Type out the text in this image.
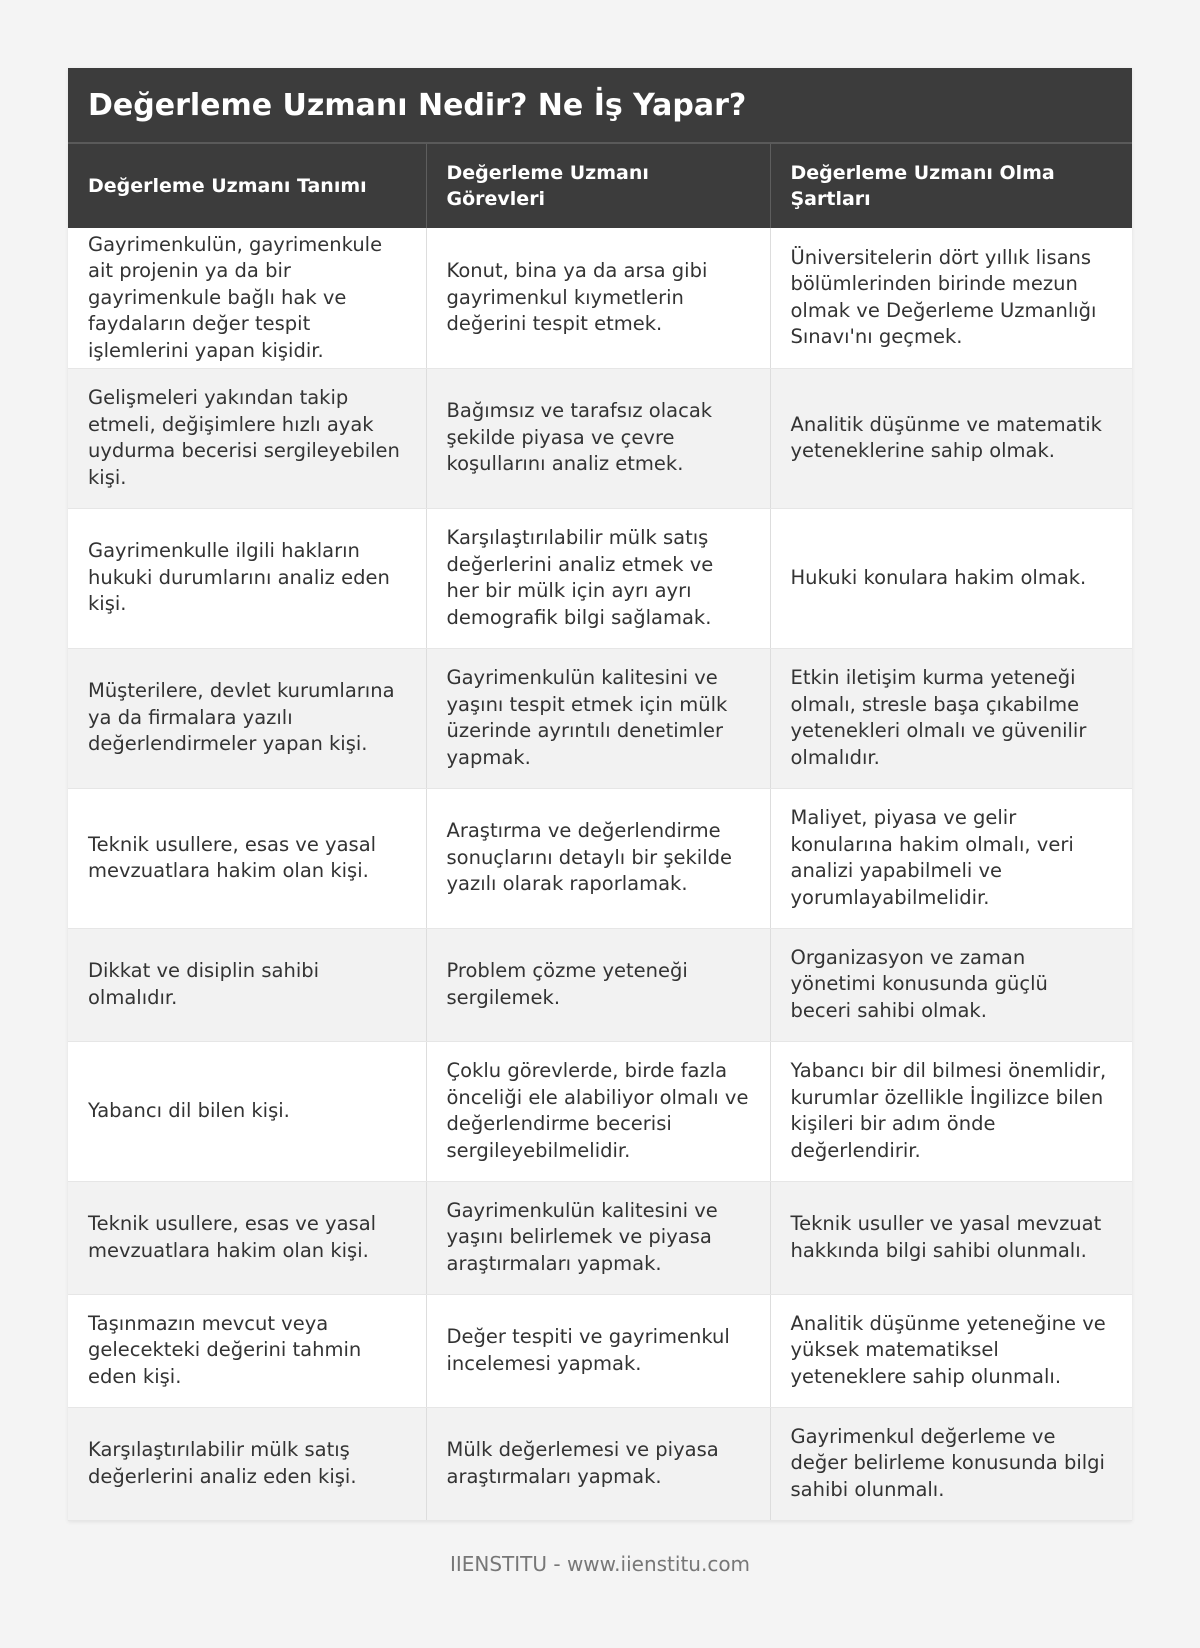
Değerleme Uzmanı Nedir? Ne İş Yapar?
Değerleme Uzmanı Tanımı	Değerleme Uzmanı Görevleri	Değerleme Uzmanı Olma Şartları
Gayrimenkulün, gayrimenkule ait projenin ya da bir gayrimenkule bağlı hak ve faydaların değer tespit işlemlerini yapan kişidir.	Konut, bina ya da arsa gibi gayrimenkul kıymetlerin değerini tespit etmek.	Üniversitelerin dört yıllık lisans bölümlerinden birinde mezun olmak ve Değerleme Uzmanlığı Sınavı'nı geçmek.
Gelişmeleri yakından takip etmeli, değişimlere hızlı ayak uydurma becerisi sergileyebilen kişi.	Bağımsız ve tarafsız olacak şekilde piyasa ve çevre koşullarını analiz etmek.	Analitik düşünme ve matematik yeteneklerine sahip olmak.
Gayrimenkulle ilgili hakların hukuki durumlarını analiz eden kişi.	Karşılaştırılabilir mülk satış değerlerini analiz etmek ve her bir mülk için ayrı ayrı demografik bilgi sağlamak.	Hukuki konulara hakim olmak.
Müşterilere, devlet kurumlarına ya da firmalara yazılı değerlendirmeler yapan kişi.	Gayrimenkulün kalitesini ve yaşını tespit etmek için mülk üzerinde ayrıntılı denetimler yapmak.	Etkin iletişim kurma yeteneği olmalı, stresle başa çıkabilme yetenekleri olmalı ve güvenilir olmalıdır.
Teknik usullere, esas ve yasal mevzuatlara hakim olan kişi.	Araştırma ve değerlendirme sonuçlarını detaylı bir şekilde yazılı olarak raporlamak.	Maliyet, piyasa ve gelir konularına hakim olmalı, veri analizi yapabilmeli ve yorumlayabilmelidir.
Dikkat ve disiplin sahibi olmalıdır.	Problem çözme yeteneği sergilemek.	Organizasyon ve zaman yönetimi konusunda güçlü beceri sahibi olmak.
Yabancı dil bilen kişi.	Çoklu görevlerde, birde fazla önceliği ele alabiliyor olmalı ve değerlendirme becerisi sergileyebilmelidir.	Yabancı bir dil bilmesi önemlidir, kurumlar özellikle İngilizce bilen kişileri bir adım önde değerlendirir.
Teknik usullere, esas ve yasal mevzuatlara hakim olan kişi.	Gayrimenkulün kalitesini ve yaşını belirlemek ve piyasa araştırmaları yapmak.	Teknik usuller ve yasal mevzuat hakkında bilgi sahibi olunmalı.
Taşınmazın mevcut veya gelecekteki değerini tahmin eden kişi.	Değer tespiti ve gayrimenkul incelemesi yapmak.	Analitik düşünme yeteneğine ve yüksek matematiksel yeteneklere sahip olunmalı.
Karşılaştırılabilir mülk satış değerlerini analiz eden kişi.	Mülk değerlemesi ve piyasa araştırmaları yapmak.	Gayrimenkul değerleme ve değer belirleme konusunda bilgi sahibi olunmalı.
IIENSTITU - www.iienstitu.com
